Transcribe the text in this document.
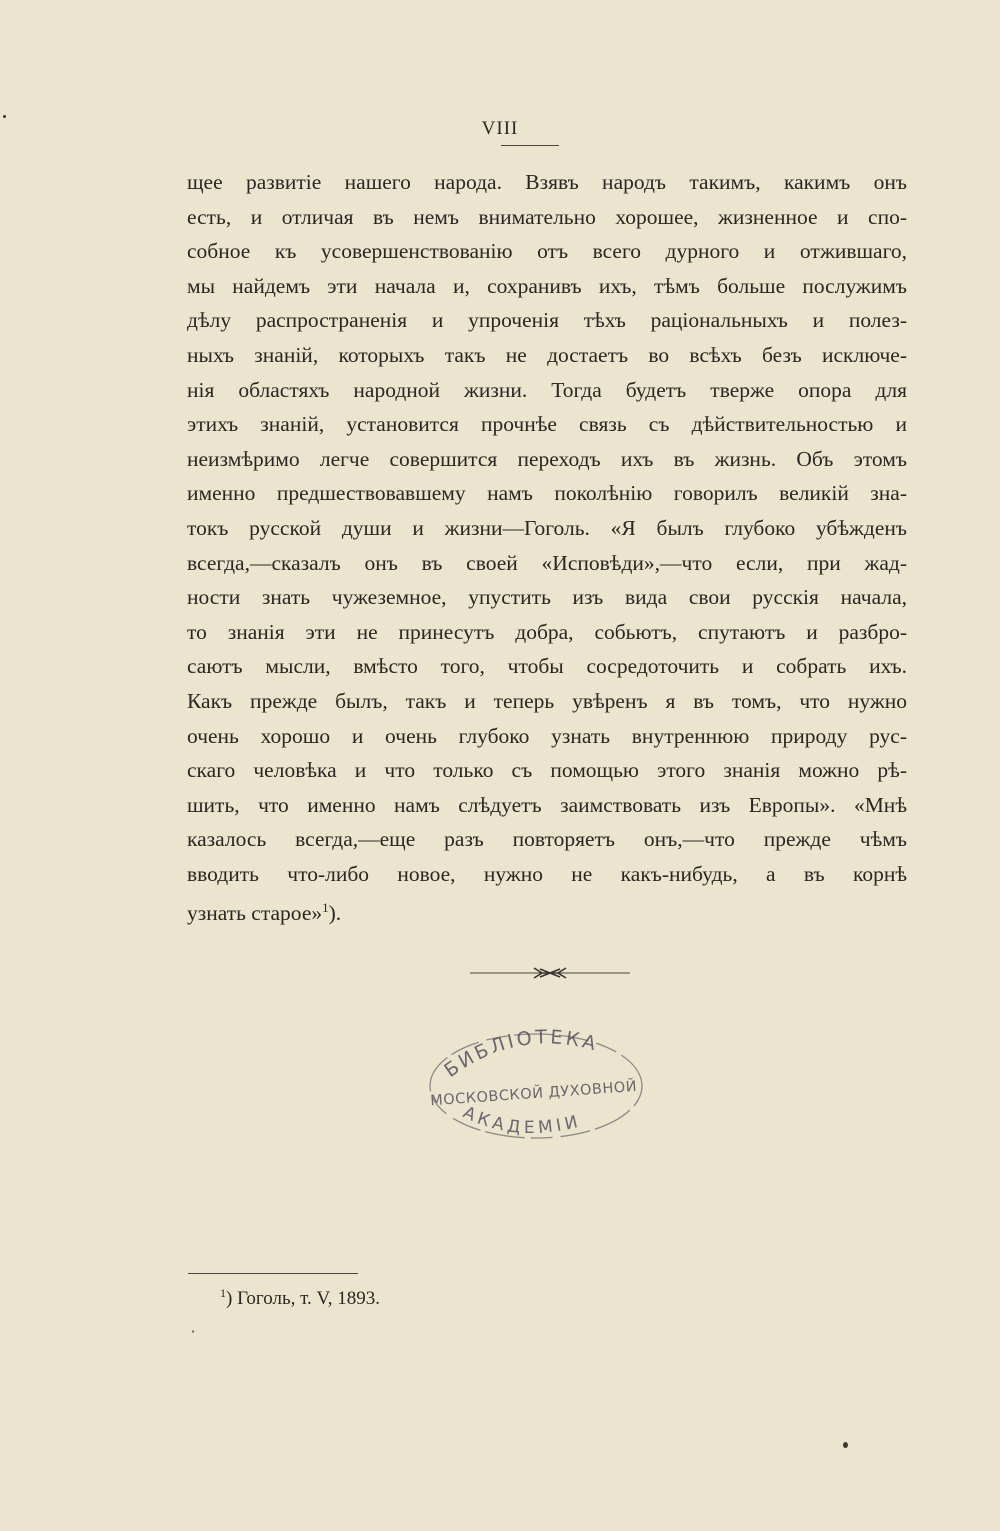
VIII
щее развитіе нашего народа. Взявъ народъ такимъ, какимъ онъ
есть, и отличая въ немъ внимательно хорошее, жизненное и спо-
собное къ усовершенствованію отъ всего дурного и отжившаго,
мы найдемъ эти начала и, сохранивъ ихъ, тѣмъ больше послужимъ
дѣлу распространенія и упроченія тѣхъ раціональныхъ и полез-
ныхъ знаній, которыхъ такъ не достаетъ во всѣхъ безъ исключе-
нія областяхъ народной жизни. Тогда будетъ тверже опора для
этихъ знаній, установится прочнѣе связь съ дѣйствительностью и
неизмѣримо легче совершится переходъ ихъ въ жизнь. Объ этомъ
именно предшествовавшему намъ поколѣнію говорилъ великій зна-
токъ русской души и жизни—Гоголь. «Я былъ глубоко убѣжденъ
всегда,—сказалъ онъ въ своей «Исповѣди»,—что если, при жад-
ности знать чужеземное, упустить изъ вида свои русскія начала,
то знанія эти не принесутъ добра, собьютъ, спутаютъ и разбро-
саютъ мысли, вмѣсто того, чтобы сосредоточить и собрать ихъ.
Какъ прежде былъ, такъ и теперь увѣренъ я въ томъ, что нужно
очень хорошо и очень глубоко узнать внутреннюю природу рус-
скаго человѣка и что только съ помощью этого знанія можно рѣ-
шить, что именно намъ слѣдуетъ заимствовать изъ Европы». «Мнѣ
казалось всегда,—еще разъ повторяетъ онъ,—что прежде чѣмъ
вводить что-либо новое, нужно не какъ-нибудь, а въ корнѣ
узнать старое»$^1$).
БИБЛІОТЕКА
МОСКОВСКОЙ ДУХОВНОЙ
АКАДЕМІИ
$^1$) Гоголь, т. V, 1893.
